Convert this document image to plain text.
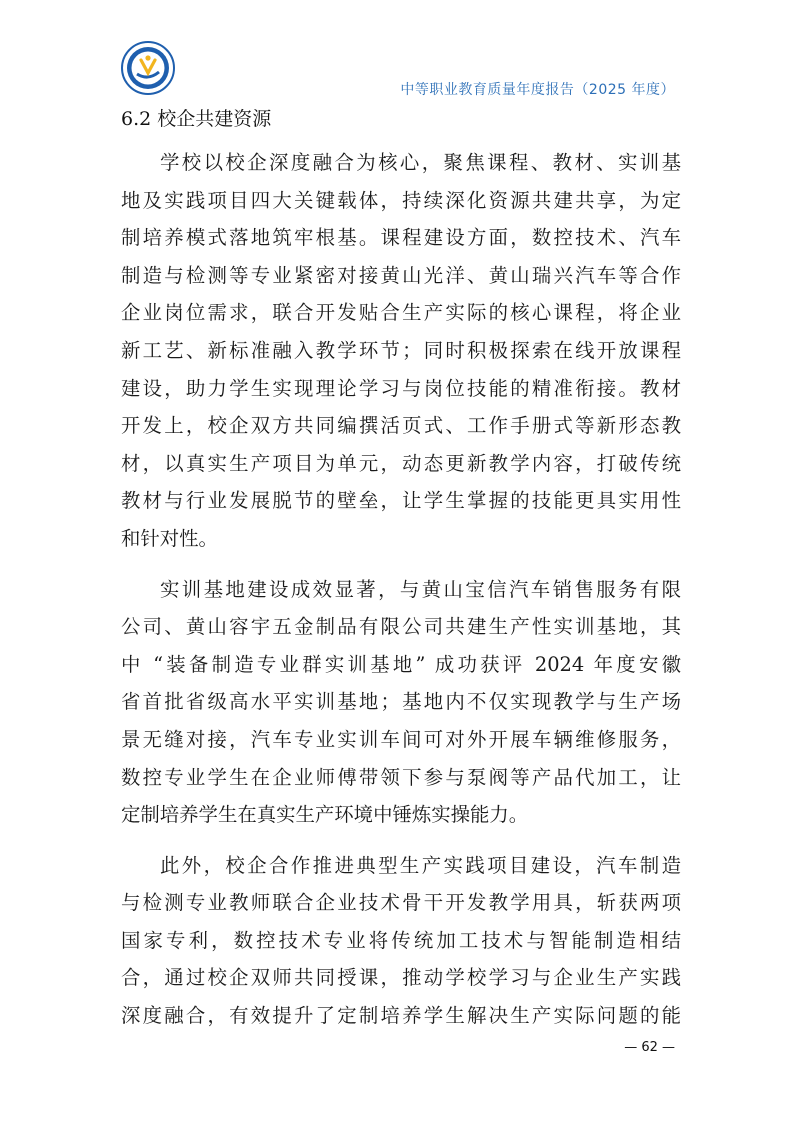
中等职业教育质量年度报告（2025 年度）
6.2 校企共建资源

学校以校企深度融合为核心，聚焦课程、教材、实训基
地及实践项目四大关键载体，持续深化资源共建共享，为定
制培养模式落地筑牢根基。课程建设方面，数控技术、汽车
制造与检测等专业紧密对接黄山光洋、黄山瑞兴汽车等合作
企业岗位需求，联合开发贴合生产实际的核心课程，将企业
新工艺、新标准融入教学环节；同时积极探索在线开放课程
建设，助力学生实现理论学习与岗位技能的精准衔接。教材
开发上，校企双方共同编撰活页式、工作手册式等新形态教
材，以真实生产项目为单元，动态更新教学内容，打破传统
教材与行业发展脱节的壁垒，让学生掌握的技能更具实用性
和针对性。

实训基地建设成效显著，与黄山宝信汽车销售服务有限
公司、黄山容宇五金制品有限公司共建生产性实训基地，其
中 “装备制造专业群实训基地” 成功获评 2024 年度安徽
省首批省级高水平实训基地；基地内不仅实现教学与生产场
景无缝对接，汽车专业实训车间可对外开展车辆维修服务，
数控专业学生在企业师傅带领下参与泵阀等产品代加工，让
定制培养学生在真实生产环境中锤炼实操能力。

此外，校企合作推进典型生产实践项目建设，汽车制造
与检测专业教师联合企业技术骨干开发教学用具，斩获两项
国家专利，数控技术专业将传统加工技术与智能制造相结
合，通过校企双师共同授课，推动学校学习与企业生产实践
深度融合，有效提升了定制培养学生解决生产实际问题的能

— 62 —
